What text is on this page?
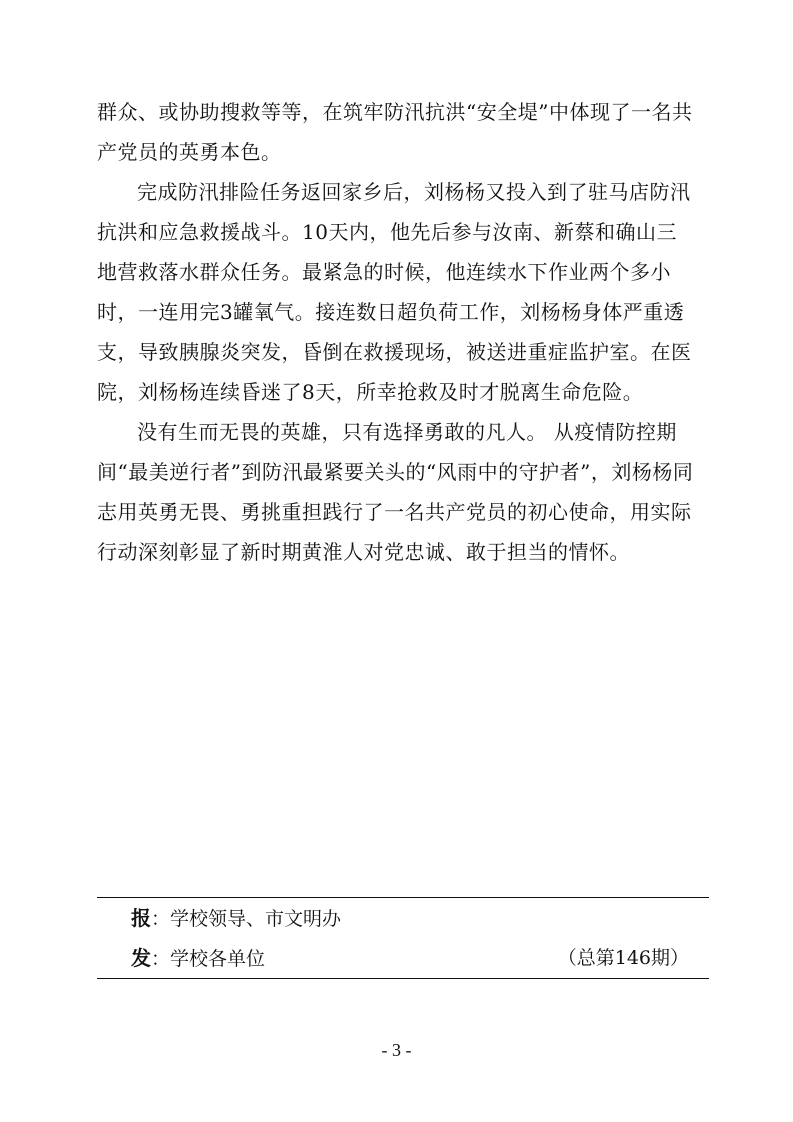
群众、或协助搜救等等，在筑牢防汛抗洪“安全堤”中体现了一名共产党员的英勇本色。

完成防汛排险任务返回家乡后，刘杨杨又投入到了驻马店防汛抗洪和应急救援战斗。10天内，他先后参与汝南、新蔡和确山三地营救落水群众任务。最紧急的时候，他连续水下作业两个多小时，一连用完3罐氧气。接连数日超负荷工作，刘杨杨身体严重透支，导致胰腺炎突发，昏倒在救援现场，被送进重症监护室。在医院，刘杨杨连续昏迷了8天，所幸抢救及时才脱离生命危险。

没有生而无畏的英雄，只有选择勇敢的凡人。 从疫情防控期间“最美逆行者”到防汛最紧要关头的“风雨中的守护者”，刘杨杨同志用英勇无畏、勇挑重担践行了一名共产党员的初心使命，用实际行动深刻彰显了新时期黄淮人对党忠诚、敢于担当的情怀。

报：学校领导、市文明办
发：学校各单位	（总第146期）
- 3 -
